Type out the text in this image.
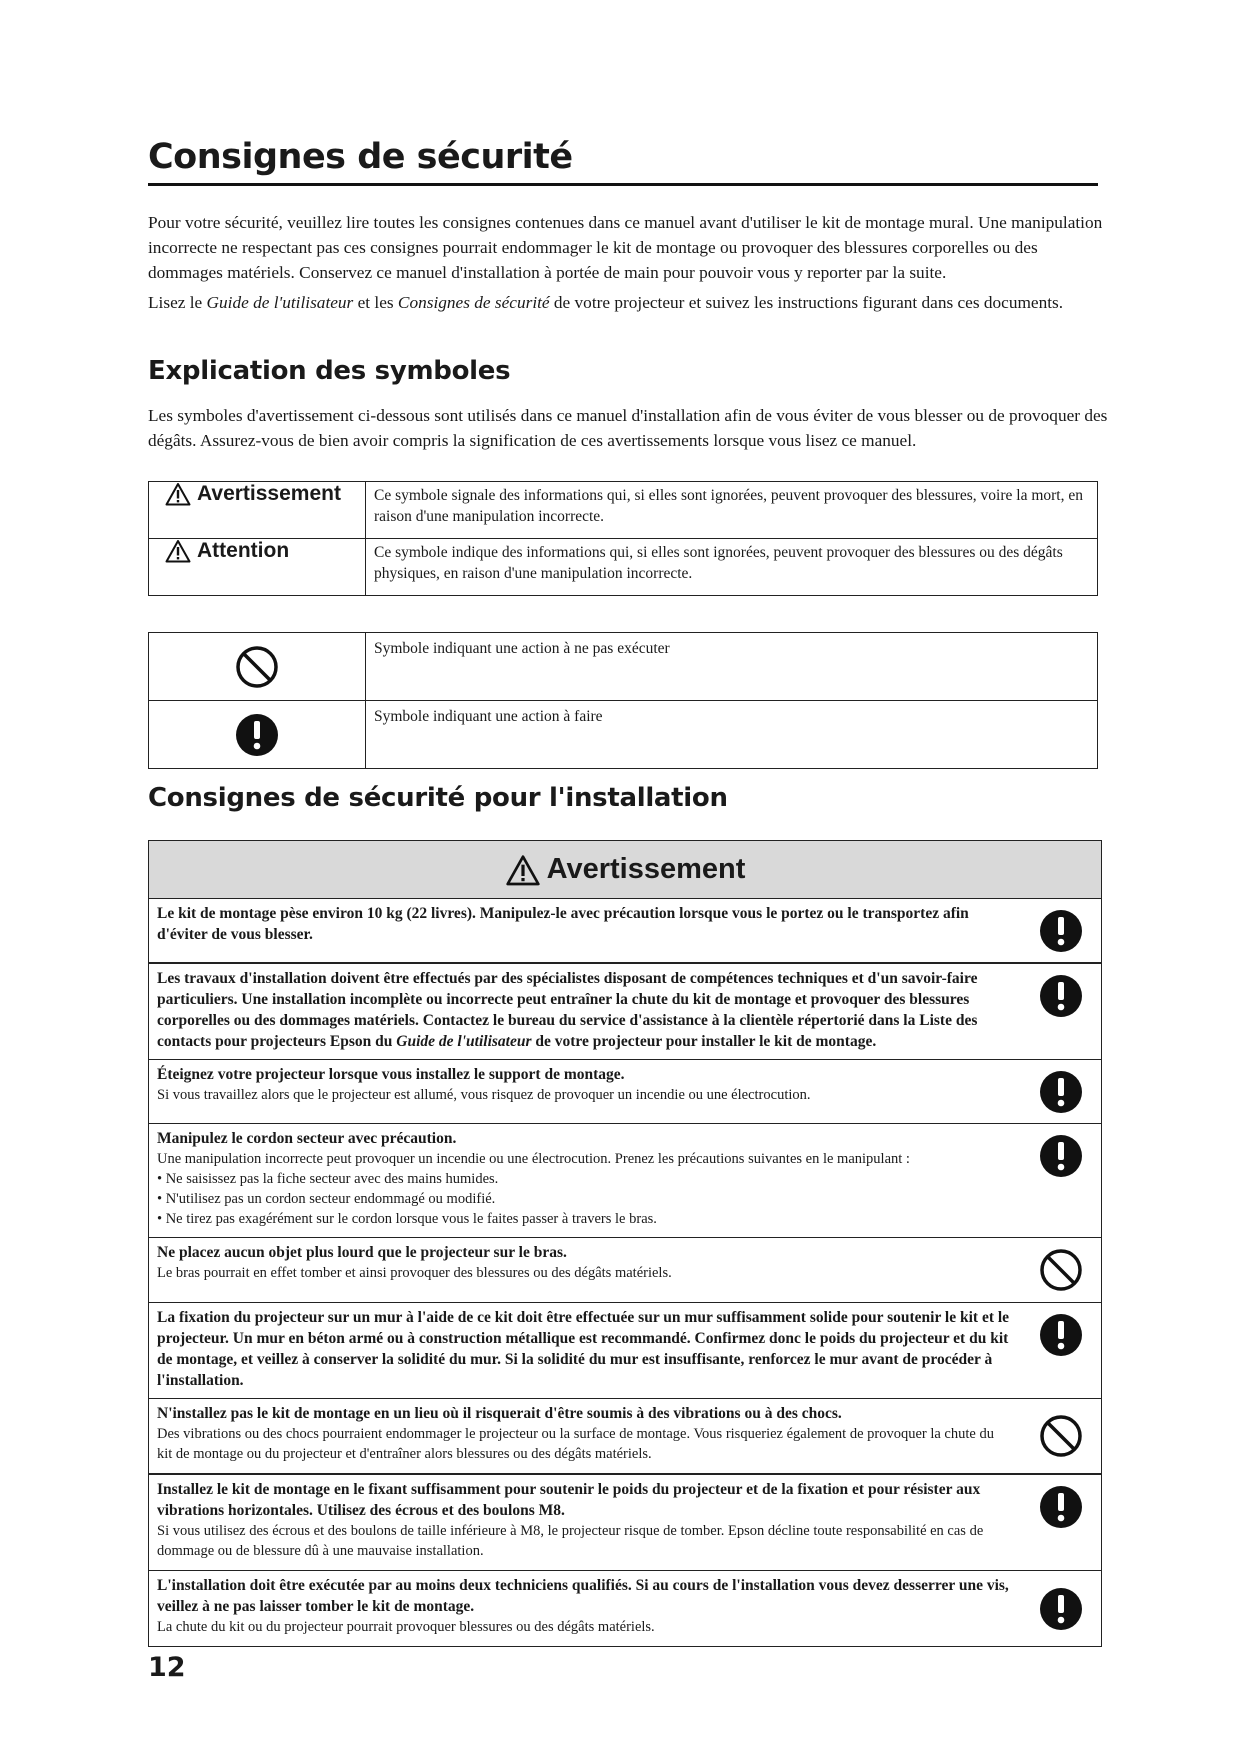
Consignes de sécurité

Pour votre sécurité, veuillez lire toutes les consignes contenues dans ce manuel avant d'utiliser le kit de montage mural. Une manipulation incorrecte ne respectant pas ces consignes pourrait endommager le kit de montage ou provoquer des blessures corporelles ou des dommages matériels. Conservez ce manuel d'installation à portée de main pour pouvoir vous y reporter par la suite.

Lisez le Guide de l'utilisateur et les Consignes de sécurité de votre projecteur et suivez les instructions figurant dans ces documents.

Explication des symboles

Les symboles d'avertissement ci-dessous sont utilisés dans ce manuel d'installation afin de vous éviter de vous blesser ou de provoquer des dégâts. Assurez-vous de bien avoir compris la signification de ces avertissements lorsque vous lisez ce manuel.

Avertissement	Ce symbole signale des informations qui, si elles sont ignorées, peuvent provoquer des blessures, voire la mort, en raison d'une manipulation incorrecte.

Attention	Ce symbole indique des informations qui, si elles sont ignorées, peuvent provoquer des blessures ou des dégâts physiques, en raison d'une manipulation incorrecte.

Symbole indiquant une action à ne pas exécuter

Symbole indiquant une action à faire
Consignes de sécurité pour l'installation
Avertissement
Le kit de montage pèse environ 10 kg (22 livres). Manipulez-le avec précaution lorsque vous le portez ou le transportez afin d'éviter de vous blesser.
Les travaux d'installation doivent être effectués par des spécialistes disposant de compétences techniques et d'un savoir-faire particuliers. Une installation incomplète ou incorrecte peut entraîner la chute du kit de montage et provoquer des blessures corporelles ou des dommages matériels. Contactez le bureau du service d'assistance à la clientèle répertorié dans la Liste des contacts pour projecteurs Epson du Guide de l'utilisateur de votre projecteur pour installer le kit de montage.
Éteignez votre projecteur lorsque vous installez le support de montage.
Si vous travaillez alors que le projecteur est allumé, vous risquez de provoquer un incendie ou une électrocution.
Manipulez le cordon secteur avec précaution.
Une manipulation incorrecte peut provoquer un incendie ou une électrocution. Prenez les précautions suivantes en le manipulant :
• Ne saisissez pas la fiche secteur avec des mains humides.
• N'utilisez pas un cordon secteur endommagé ou modifié.
• Ne tirez pas exagérément sur le cordon lorsque vous le faites passer à travers le bras.
Ne placez aucun objet plus lourd que le projecteur sur le bras.
Le bras pourrait en effet tomber et ainsi provoquer des blessures ou des dégâts matériels.
La fixation du projecteur sur un mur à l'aide de ce kit doit être effectuée sur un mur suffisamment solide pour soutenir le kit et le projecteur. Un mur en béton armé ou à construction métallique est recommandé. Confirmez donc le poids du projecteur et du kit de montage, et veillez à conserver la solidité du mur. Si la solidité du mur est insuffisante, renforcez le mur avant de procéder à l'installation.
N'installez pas le kit de montage en un lieu où il risquerait d'être soumis à des vibrations ou à des chocs.
Des vibrations ou des chocs pourraient endommager le projecteur ou la surface de montage. Vous risqueriez également de provoquer la chute du kit de montage ou du projecteur et d'entraîner alors blessures ou des dégâts matériels.
Installez le kit de montage en le fixant suffisamment pour soutenir le poids du projecteur et de la fixation et pour résister aux vibrations horizontales. Utilisez des écrous et des boulons M8.
Si vous utilisez des écrous et des boulons de taille inférieure à M8, le projecteur risque de tomber. Epson décline toute responsabilité en cas de dommage ou de blessure dû à une mauvaise installation.
L'installation doit être exécutée par au moins deux techniciens qualifiés. Si au cours de l'installation vous devez desserrer une vis, veillez à ne pas laisser tomber le kit de montage.
La chute du kit ou du projecteur pourrait provoquer blessures ou des dégâts matériels.
12
